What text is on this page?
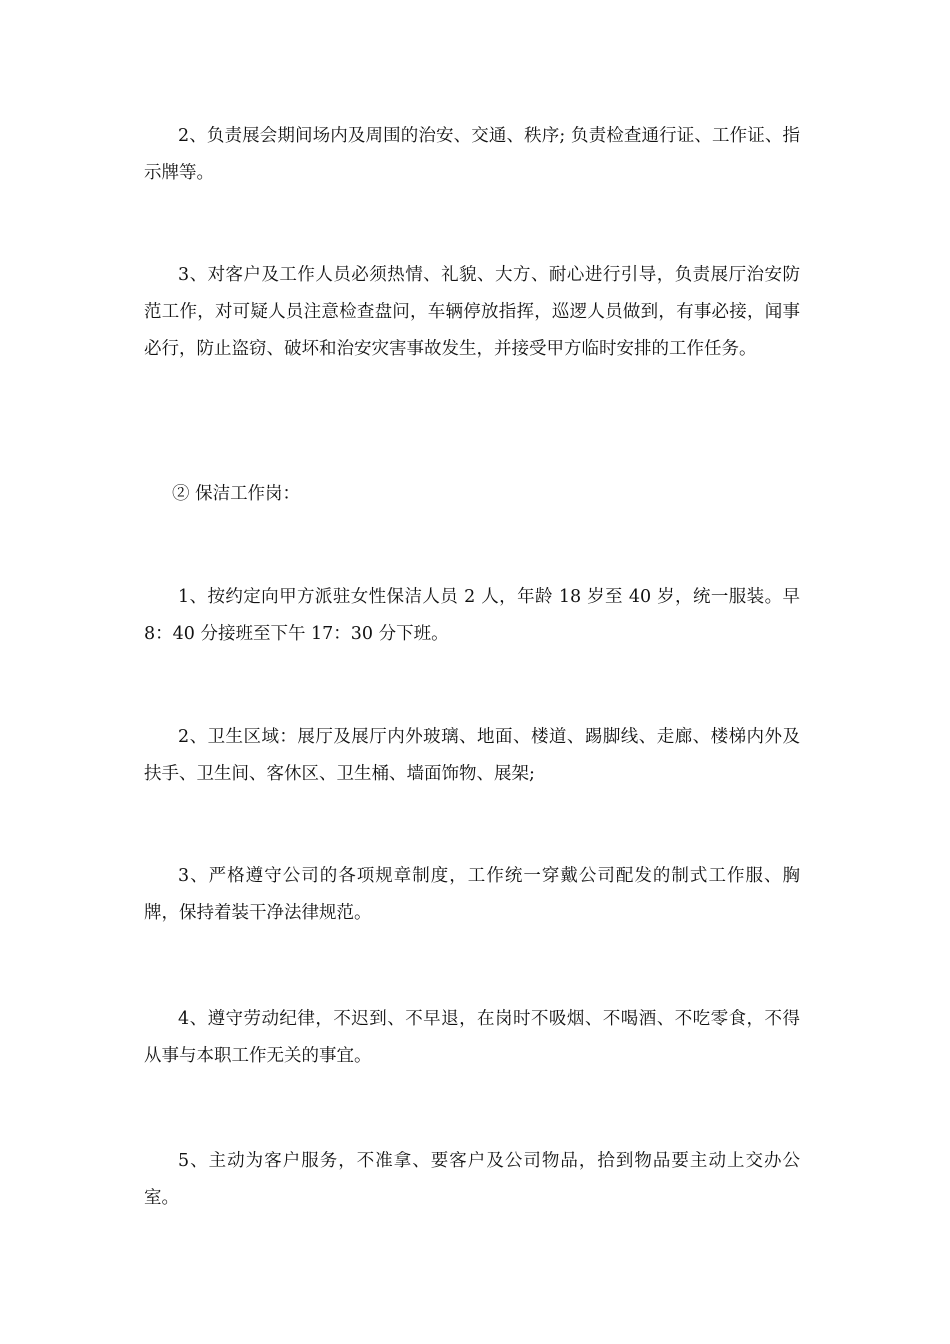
2、负责展会期间场内及周围的治安、交通、秩序; 负责检查通行证、工作证、指示牌等。

3、对客户及工作人员必须热情、礼貌、大方、耐心进行引导，负责展厅治安防范工作，对可疑人员注意检查盘问，车辆停放指挥，巡逻人员做到，有事必接，闻事必行，防止盗窃、破坏和治安灾害事故发生，并接受甲方临时安排的工作任务。

② 保洁工作岗：

1、按约定向甲方派驻女性保洁人员 2 人，年龄 18 岁至 40 岁，统一服装。早 8：40 分接班至下午 17：30 分下班。

2、卫生区域：展厅及展厅内外玻璃、地面、楼道、踢脚线、走廊、楼梯内外及扶手、卫生间、客休区、卫生桶、墙面饰物、展架;

3、严格遵守公司的各项规章制度，工作统一穿戴公司配发的制式工作服、胸牌，保持着装干净法律规范。

4、遵守劳动纪律，不迟到、不早退，在岗时不吸烟、不喝酒、不吃零食，不得从事与本职工作无关的事宜。

5、主动为客户服务，不准拿、要客户及公司物品，拾到物品要主动上交办公室。
